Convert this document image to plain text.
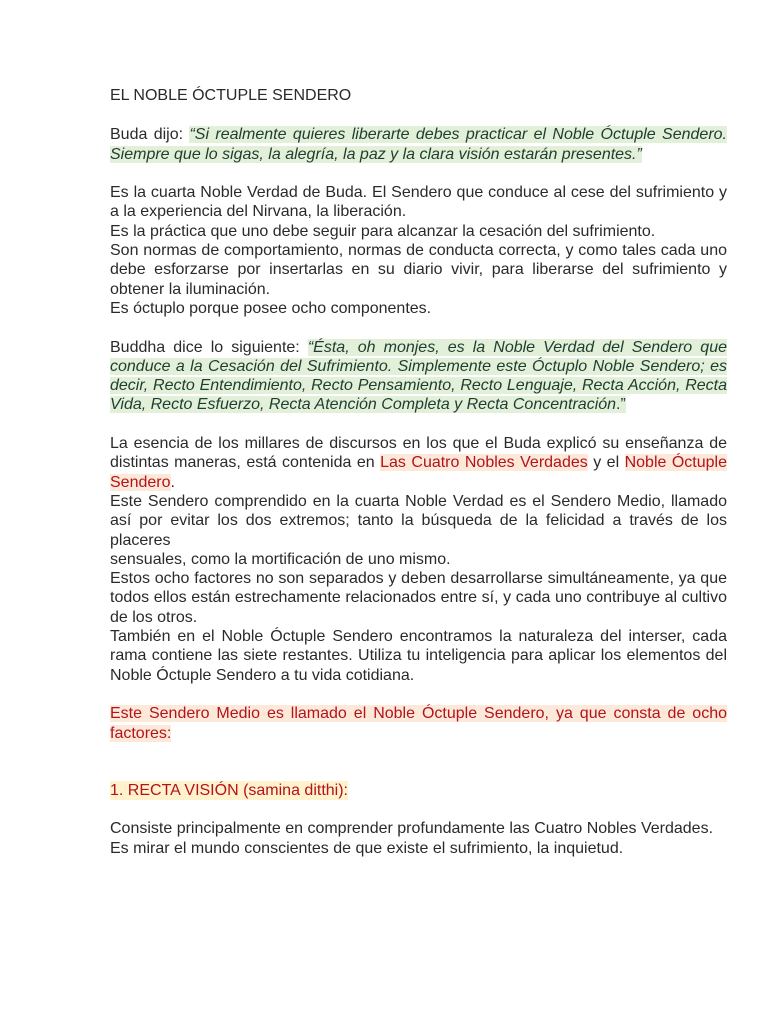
EL NOBLE ÓCTUPLE SENDERO

Buda dijo: “Si realmente quieres liberarte debes practicar el Noble Óctuple Sendero. Siempre que lo sigas, la alegría, la paz y la clara visión estarán presentes.”

Es la cuarta Noble Verdad de Buda. El Sendero que conduce al cese del sufrimiento y a la experiencia del Nirvana, la liberación.

Es la práctica que uno debe seguir para alcanzar la cesación del sufrimiento.

Son normas de comportamiento, normas de conducta correcta, y como tales cada uno debe esforzarse por insertarlas en su diario vivir, para liberarse del sufrimiento y obtener la iluminación.

Es óctuplo porque posee ocho componentes.

Buddha dice lo siguiente: “Ésta, oh monjes, es la Noble Verdad del Sendero que conduce a la Cesación del Sufrimiento. Simplemente este Óctuplo Noble Sendero; es decir, Recto Entendimiento, Recto Pensamiento, Recto Lenguaje, Recta Acción, Recta Vida, Recto Esfuerzo, Recta Atención Completa y Recta Concentración.”

La esencia de los millares de discursos en los que el Buda explicó su enseñanza de distintas maneras, está contenida en Las Cuatro Nobles Verdades y el Noble Óctuple Sendero.

Este Sendero comprendido en la cuarta Noble Verdad es el Sendero Medio, llamado así por evitar los dos extremos; tanto la búsqueda de la felicidad a través de los placeres

sensuales, como la mortificación de uno mismo.

Estos ocho factores no son separados y deben desarrollarse simultáneamente, ya que todos ellos están estrechamente relacionados entre sí, y cada uno contribuye al cultivo de los otros.

También en el Noble Óctuple Sendero encontramos la naturaleza del interser, cada rama contiene las siete restantes. Utiliza tu inteligencia para aplicar los elementos del Noble Óctuple Sendero a tu vida cotidiana.

Este Sendero Medio es llamado el Noble Óctuple Sendero, ya que consta de ocho factores:

1. RECTA VISIÓN (samina ditthi):

Consiste principalmente en comprender profundamente las Cuatro Nobles Verdades.

Es mirar el mundo conscientes de que existe el sufrimiento, la inquietud.
